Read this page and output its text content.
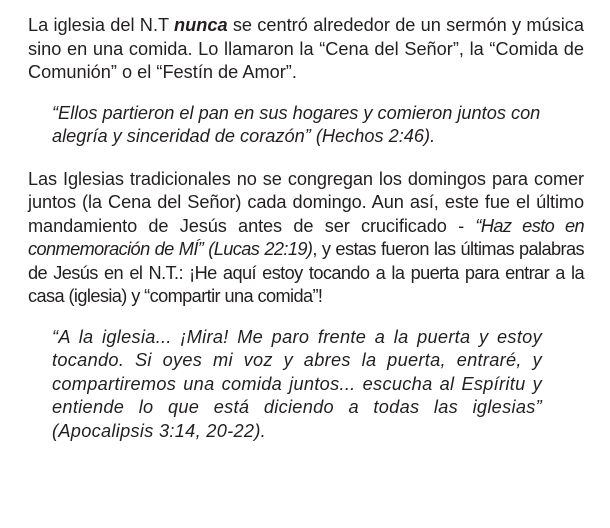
La iglesia del N.T nunca se centró alrededor de un sermón y música sino en una comida. Lo llamaron la “Cena del Señor”, la “Comida de Comunión” o el “Festín de Amor”.

“Ellos partieron el pan en sus hogares y comieron juntos con alegría y sinceridad de corazón” (Hechos 2:46).

Las Iglesias tradicionales no se congregan los domingos para comer juntos (la Cena del Señor) cada domingo. Aun así, este fue el último mandamiento de Jesús antes de ser crucificado - “Haz esto en conmemoración de MÍ” (Lucas 22:19), y estas fueron las últimas palabras de Jesús en el N.T.: ¡He aquí estoy tocando a la puerta para entrar a la casa (iglesia) y “compartir una comida”!

“A la iglesia... ¡Mira! Me paro frente a la puerta y estoy tocando. Si oyes mi voz y abres la puerta, entraré, y compartiremos una comida juntos... escucha al Espíritu y entiende lo que está diciendo a todas las iglesias” (Apocalipsis 3:14, 20-22).
